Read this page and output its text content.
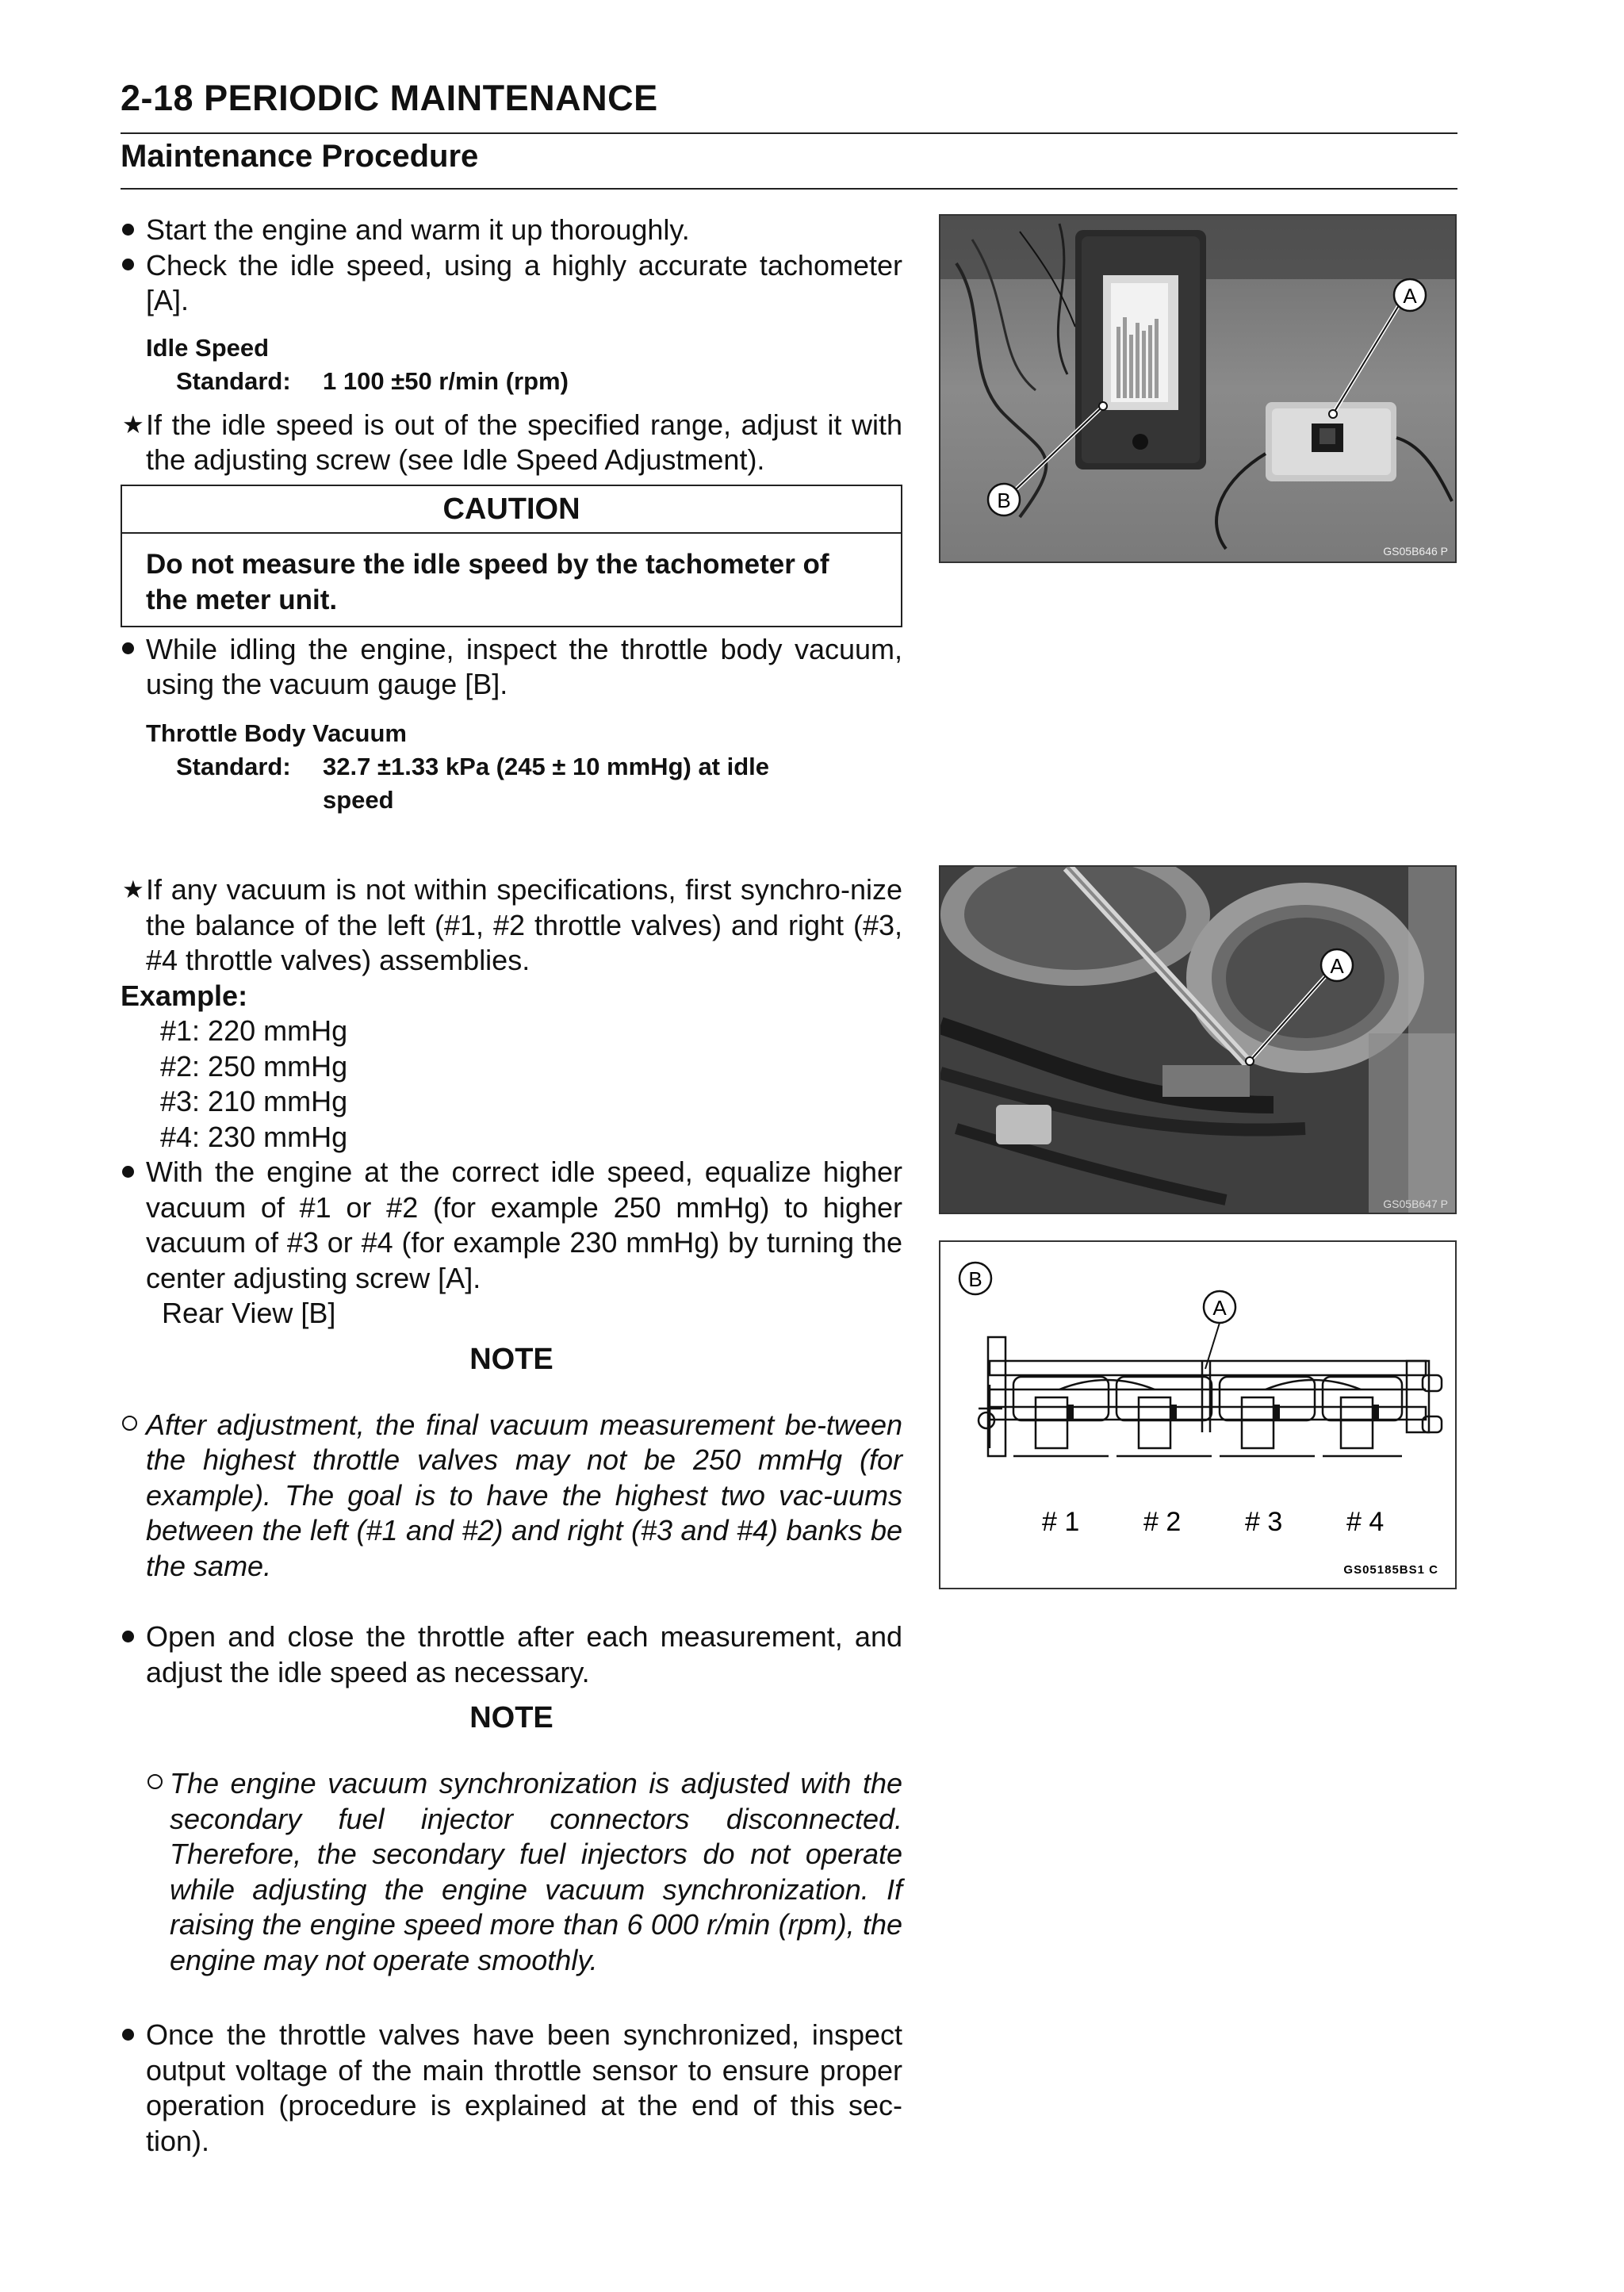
2-18 PERIODIC MAINTENANCE
Maintenance Procedure

Start the engine and warm it up thoroughly.

Check the idle speed, using a highly accurate tachometer [A].

Idle Speed
Standard:	1 100 ±50 r/min (rpm)

★ If the idle speed is out of the specified range, adjust it with the adjusting screw (see Idle Speed Adjustment).

CAUTION
Do not measure the idle speed by the tachometer of the meter unit.

While idling the engine, inspect the throttle body vacuum, using the vacuum gauge [B].

Throttle Body Vacuum
Standard:	32.7 ±1.33 kPa (245 ± 10 mmHg) at idle speed

★ If any vacuum is not within specifications, first synchro-nize the balance of the left (#1, #2 throttle valves) and right (#3, #4 throttle valves) assemblies.

Example:
#1: 220 mmHg
#2: 250 mmHg
#3: 210 mmHg
#4: 230 mmHg

With the engine at the correct idle speed, equalize higher vacuum of #1 or #2 (for example 250 mmHg) to higher vacuum of #3 or #4 (for example 230 mmHg) by turning the center adjusting screw [A].

Rear View [B]
NOTE

After adjustment, the final vacuum measurement be-tween the highest throttle valves may not be 250 mmHg (for example). The goal is to have the highest two vac-uums between the left (#1 and #2) and right (#3 and #4) banks be the same.

Open and close the throttle after each measurement, and adjust the idle speed as necessary.

NOTE

The engine vacuum synchronization is adjusted with the secondary fuel injector connectors disconnected. Therefore, the secondary fuel injectors do not operate while adjusting the engine vacuum synchronization. If raising the engine speed more than 6 000 r/min (rpm), the engine may not operate smoothly.

Once the throttle valves have been synchronized, inspect output voltage of the main throttle sensor to ensure proper operation (procedure is explained at the end of this sec-tion).

A
B
GS05B646 P
A
GS05B647 P
B
A
# 1 # 2 # 3 # 4
GS05185BS1 C
